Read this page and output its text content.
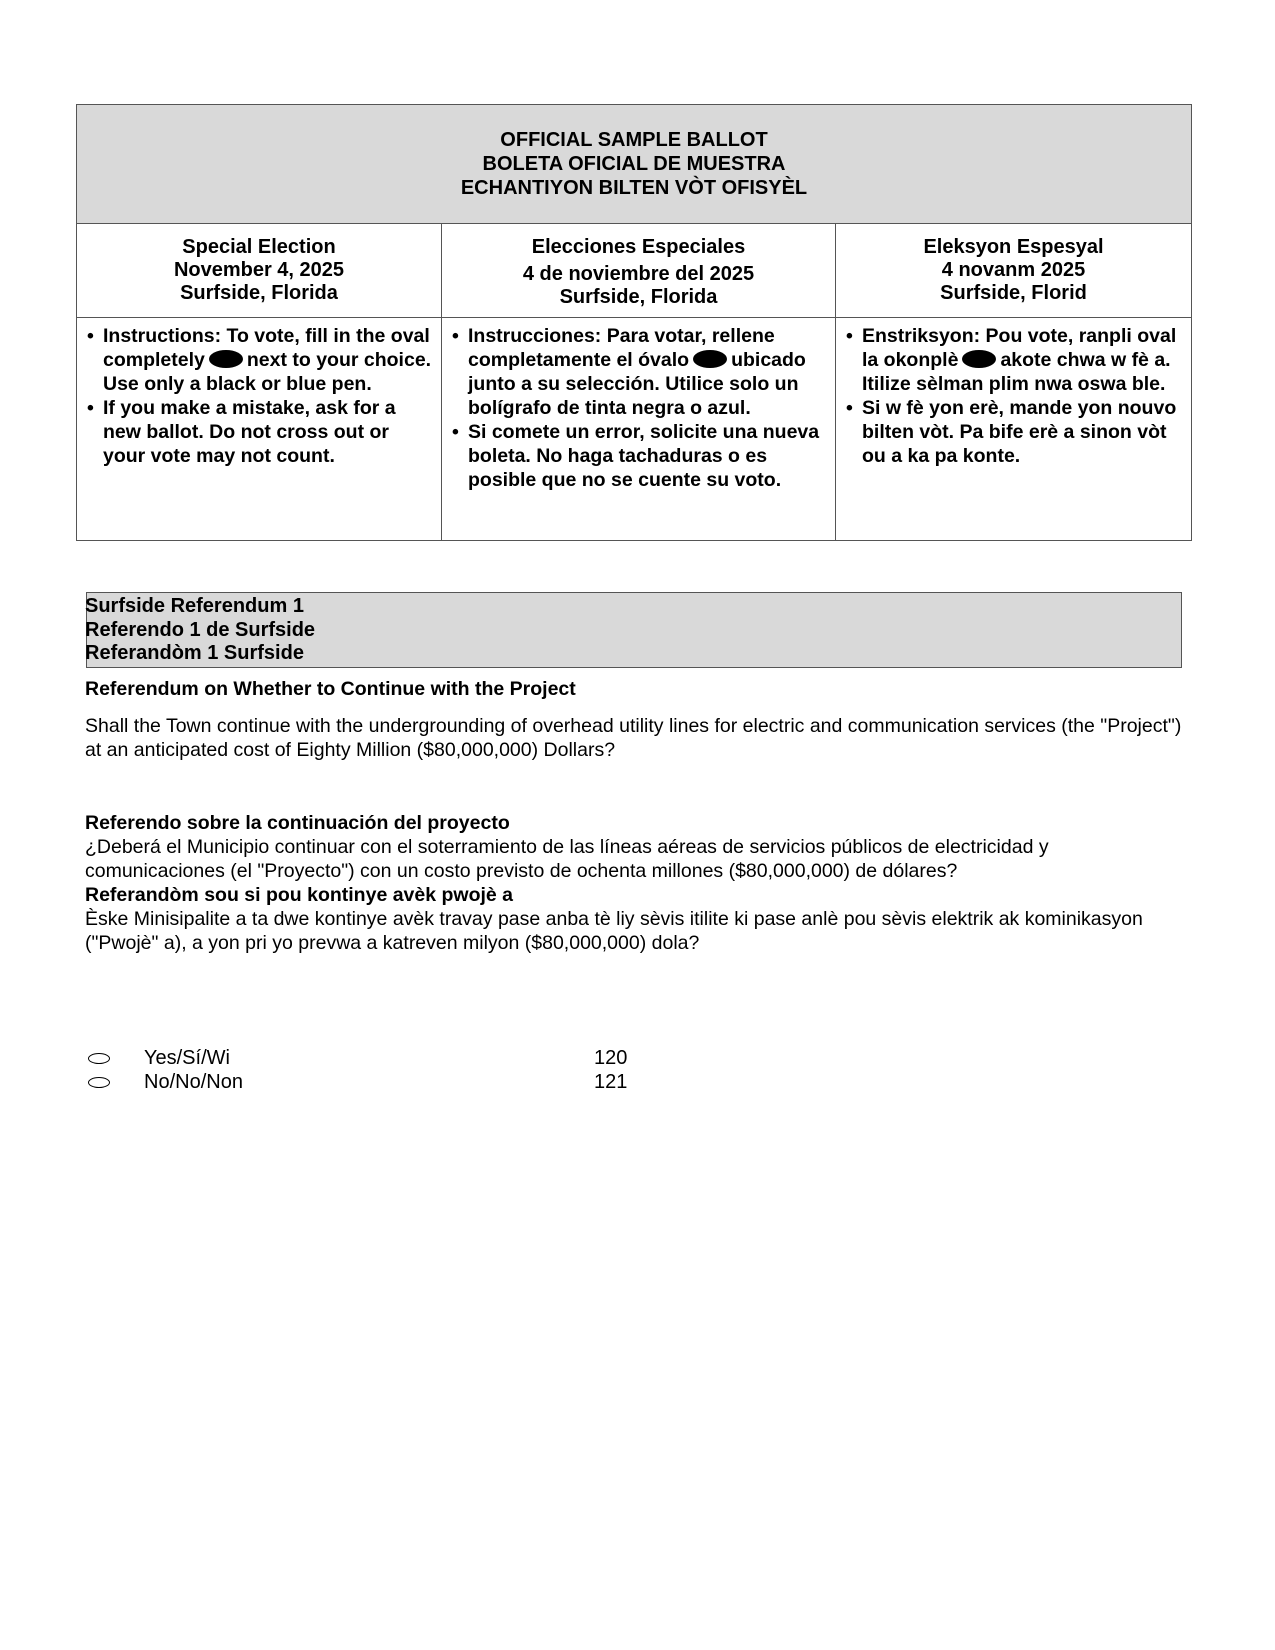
OFFICIAL SAMPLE BALLOT
BOLETA OFICIAL DE MUESTRA
ECHANTIYON BILTEN VÒT OFISYÈL
Special Election
November 4, 2025
Surfside, Florida
• Instructions: To vote, fill in the oval completely next to your choice. Use only a black or blue pen.
• If you make a mistake, ask for a new ballot. Do not cross out or your vote may not count.
Elecciones Especiales
4 de noviembre del 2025
Surfside, Florida
• Instrucciones: Para votar, rellene completamente el óvalo ubicado junto a su selección. Utilice solo un bolígrafo de tinta negra o azul.
• Si comete un error, solicite una nueva boleta. No haga tachaduras o es posible que no se cuente su voto.
Eleksyon Espesyal
4 novanm 2025
Surfside, Florid
• Enstriksyon: Pou vote, ranpli oval la okonplè akote chwa w fè a. Itilize sèlman plim nwa oswa ble.
• Si w fè yon erè, mande yon nouvo bilten vòt. Pa bife erè a sinon vòt ou a ka pa konte.
Surfside Referendum 1
Referendo 1 de Surfside
Referandòm 1 Surfside
Referendum on Whether to Continue with the Project
Shall the Town continue with the undergrounding of overhead utility lines for electric and communication services (the "Project") at an anticipated cost of Eighty Million ($80,000,000) Dollars?
Referendo sobre la continuación del proyecto
¿Deberá el Municipio continuar con el soterramiento de las líneas aéreas de servicios públicos de electricidad y comunicaciones (el "Proyecto") con un costo previsto de ochenta millones ($80,000,000) de dólares?
Referandòm sou si pou kontinye avèk pwojè a
Èske Minisipalite a ta dwe kontinye avèk travay pase anba tè liy sèvis itilite ki pase anlè pou sèvis elektrik ak kominikasyon ("Pwojè" a), a yon pri yo prevwa a katreven milyon ($80,000,000) dola?
Yes/Sí/Wi	120
No/No/Non	121
